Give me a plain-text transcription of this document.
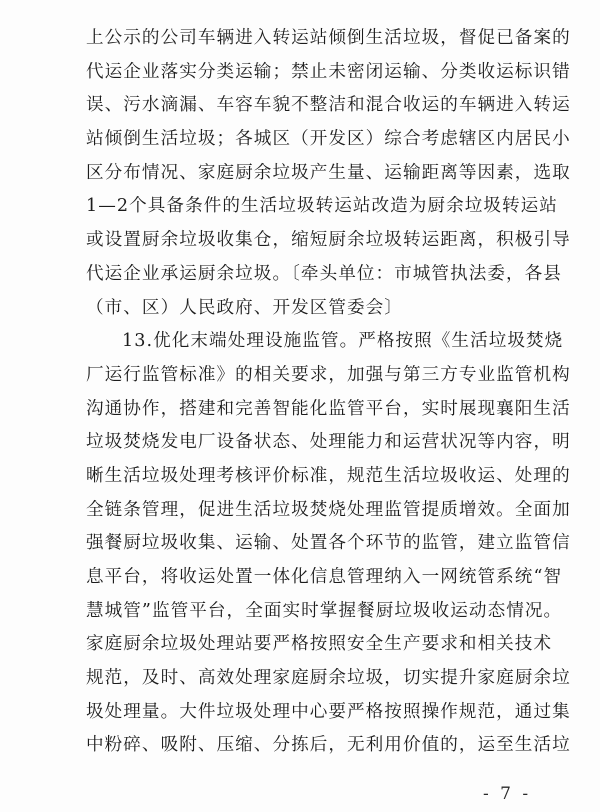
上公示的公司车辆进入转运站倾倒生活垃圾，督促已备案的
代运企业落实分类运输；禁止未密闭运输、分类收运标识错
误、污水滴漏、车容车貌不整洁和混合收运的车辆进入转运
站倾倒生活垃圾；各城区（开发区）综合考虑辖区内居民小
区分布情况、家庭厨余垃圾产生量、运输距离等因素，选取
1—2个具备条件的生活垃圾转运站改造为厨余垃圾转运站
或设置厨余垃圾收集仓，缩短厨余垃圾转运距离，积极引导
代运企业承运厨余垃圾。〔牵头单位：市城管执法委，各县
（市、区）人民政府、开发区管委会〕
13.优化末端处理设施监管。严格按照《生活垃圾焚烧
厂运行监管标准》的相关要求，加强与第三方专业监管机构
沟通协作，搭建和完善智能化监管平台，实时展现襄阳生活
垃圾焚烧发电厂设备状态、处理能力和运营状况等内容，明
晰生活垃圾处理考核评价标准，规范生活垃圾收运、处理的
全链条管理，促进生活垃圾焚烧处理监管提质增效。全面加
强餐厨垃圾收集、运输、处置各个环节的监管，建立监管信
息平台，将收运处置一体化信息管理纳入一网统管系统“智
慧城管”监管平台，全面实时掌握餐厨垃圾收运动态情况。
家庭厨余垃圾处理站要严格按照安全生产要求和相关技术
规范，及时、高效处理家庭厨余垃圾，切实提升家庭厨余垃
圾处理量。大件垃圾处理中心要严格按照操作规范，通过集
中粉碎、吸附、压缩、分拣后，无利用价值的，运至生活垃
- 7 -
